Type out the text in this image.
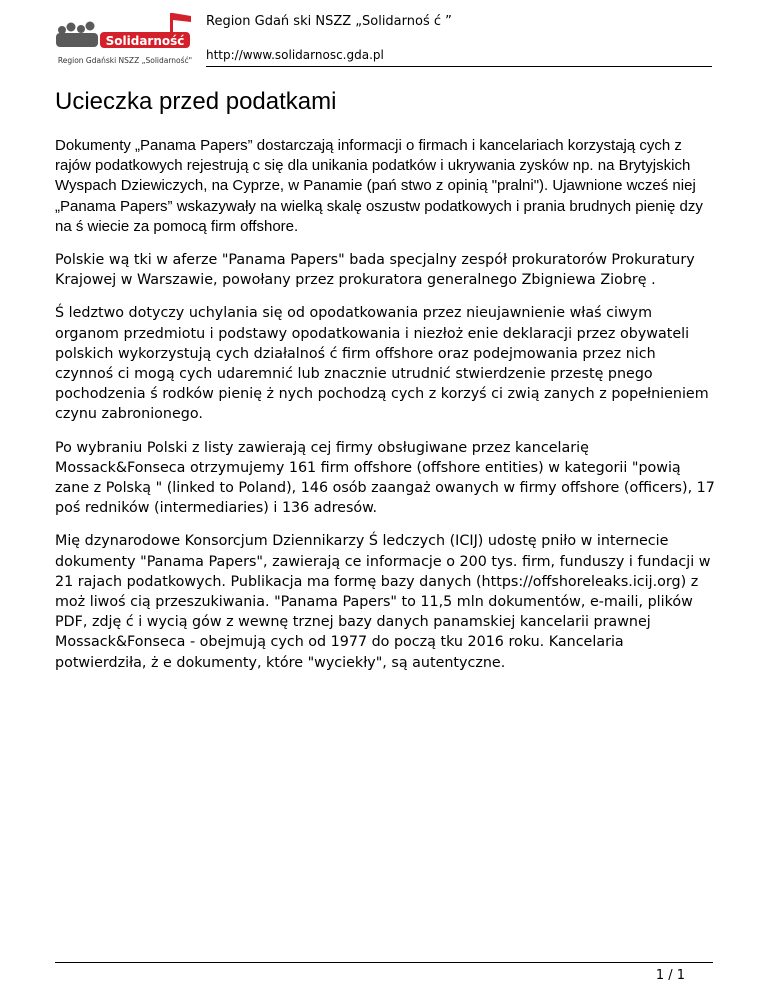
Solidarność
Region Gdański NSZZ „Solidarność"
Region Gdań ski NSZZ „Solidarnoś ć ”
http://www.solidarnosc.gda.pl
Ucieczka przed podatkami

Dokumenty „Panama Papers” dostarczają informacji o firmach i kancelariach korzystają cych z rajów podatkowych rejestrują c się dla unikania podatków i ukrywania zysków np. na Brytyjskich Wyspach Dziewiczych, na Cyprze, w Panamie (pań stwo z opinią "pralni"). Ujawnione wcześ niej „Panama Papers” wskazywały na wielką skalę oszustw podatkowych i prania brudnych pienię dzy na ś wiecie za pomocą firm offshore.

Polskie wą tki w aferze "Panama Papers" bada specjalny zespół prokuratorów Prokuratury Krajowej w Warszawie, powołany przez prokuratora generalnego Zbigniewa Ziobrę .

Ś ledztwo dotyczy uchylania się od opodatkowania przez nieujawnienie właś ciwym organom przedmiotu i podstawy opodatkowania i niezłoż enie deklaracji przez obywateli polskich wykorzystują cych działalnoś ć firm offshore oraz podejmowania przez nich czynnoś ci mogą cych udaremnić lub znacznie utrudnić stwierdzenie przestę pnego pochodzenia ś rodków pienię ż nych pochodzą cych z korzyś ci zwią zanych z popełnieniem czynu zabronionego.

Po wybraniu Polski z listy zawierają cej firmy obsługiwane przez kancelarię Mossack&Fonseca otrzymujemy 161 firm offshore (offshore entities) w kategorii "powią zane z Polską " (linked to Poland), 146 osób zaangaż owanych w firmy offshore (officers), 17 poś redników (intermediaries) i 136 adresów.

Mię dzynarodowe Konsorcjum Dziennikarzy Ś ledczych (ICIJ) udostę pniło w internecie dokumenty "Panama Papers", zawierają ce informacje o 200 tys. firm, funduszy i fundacji w 21 rajach podatkowych. Publikacja ma formę bazy danych (https://offshoreleaks.icij.org) z moż liwoś cią przeszukiwania. "Panama Papers" to 11,5 mln dokumentów, e-maili, plików PDF, zdję ć i wycią gów z wewnę trznej bazy danych panamskiej kancelarii prawnej Mossack&Fonseca - obejmują cych od 1977 do począ tku 2016 roku. Kancelaria potwierdziła, ż e dokumenty, które "wyciekły", są autentyczne.

1 / 1
